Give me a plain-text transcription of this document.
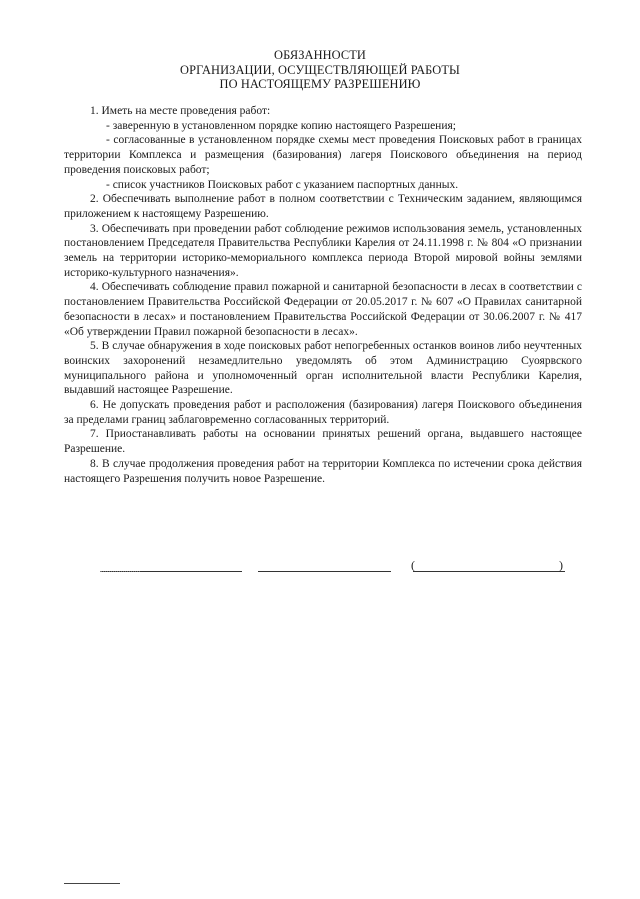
ОБЯЗАННОСТИ
ОРГАНИЗАЦИИ, ОСУЩЕСТВЛЯЮЩЕЙ РАБОТЫ
ПО НАСТОЯЩЕМУ РАЗРЕШЕНИЮ

1. Иметь на месте проведения работ:

- заверенную в установленном порядке копию настоящего Разрешения;

- согласованные в установленном порядке схемы мест проведения Поисковых работ в границах территории Комплекса и размещения (базирования) лагеря Поискового объединения на период проведения поисковых работ;

- список участников Поисковых работ с указанием паспортных данных.

2. Обеспечивать выполнение работ в полном соответствии с Техническим заданием, являющимся приложением к настоящему Разрешению.

3. Обеспечивать при проведении работ соблюдение режимов использования земель, установленных постановлением Председателя Правительства Республики Карелия от 24.11.1998 г. № 804 «О признании земель на территории историко-мемориального комплекса периода Второй мировой войны землями историко-культурного назначения».

4. Обеспечивать соблюдение правил пожарной и санитарной безопасности в лесах в соответствии с постановлением Правительства Российской Федерации от 20.05.2017 г. № 607 «О Правилах санитарной безопасности в лесах» и постановлением Правительства Российской Федерации от 30.06.2007 г. № 417 «Об утверждении Правил пожарной безопасности в лесах».

5. В случае обнаружения в ходе поисковых работ непогребенных останков воинов либо неучтенных воинских захоронений незамедлительно уведомлять об этом Администрацию Суоярвского муниципального района и уполномоченный орган исполнительной власти Республики Карелия, выдавший настоящее Разрешение.

6. Не допускать проведения работ и расположения (базирования) лагеря Поискового объединения за пределами границ заблаговременно согласованных территорий.

7. Приостанавливать работы на основании принятых решений органа, выдавшего настоящее Разрешение.

8. В случае продолжения проведения работ на территории Комплекса по истечении срока действия настоящего Разрешения получить новое Разрешение.

(	)
